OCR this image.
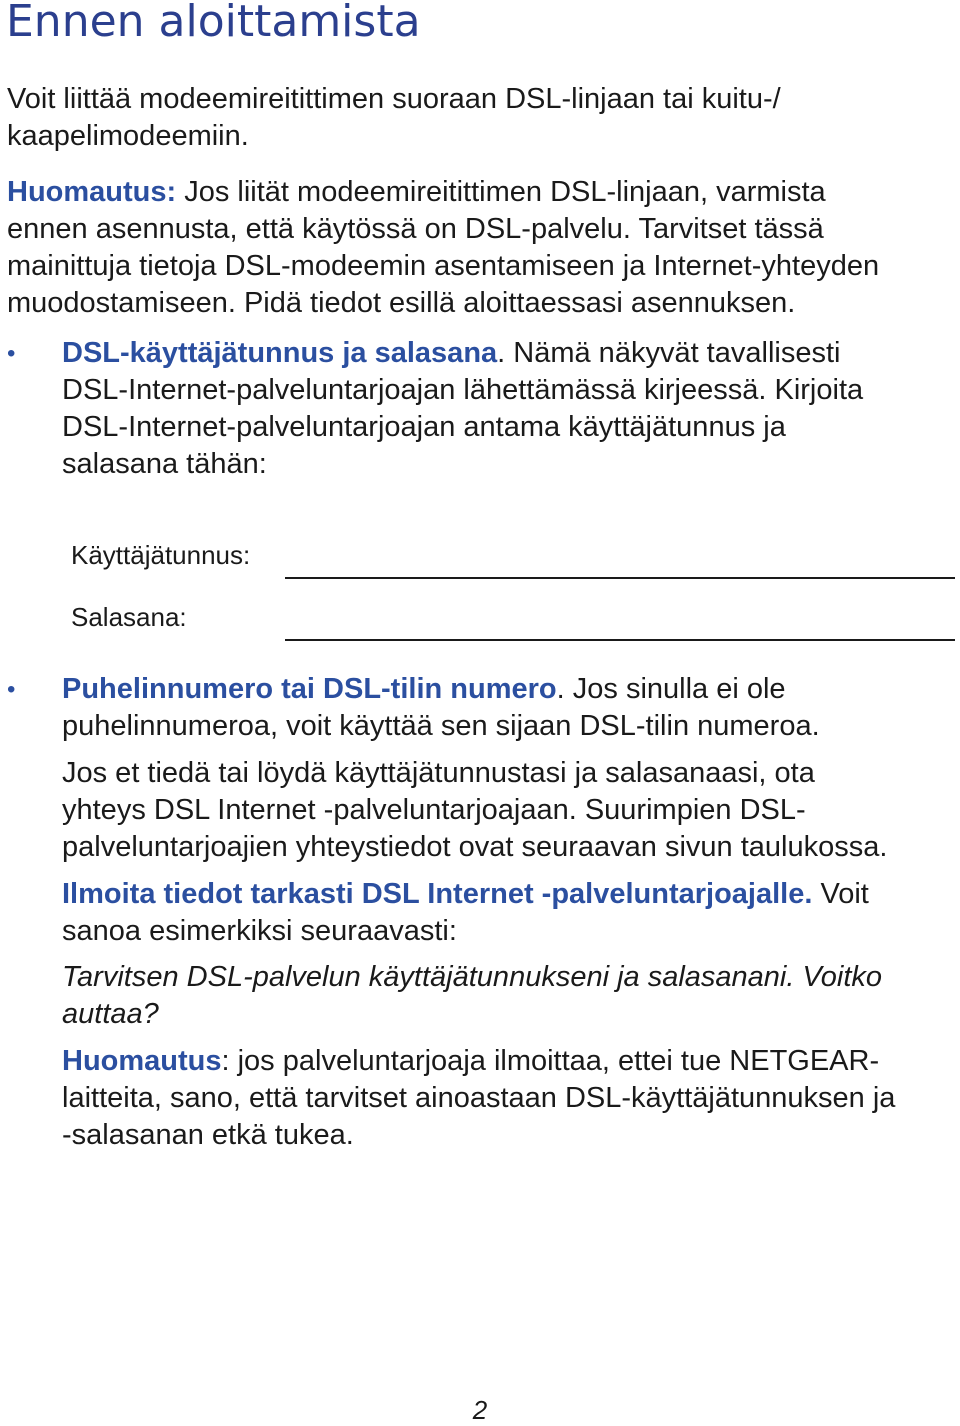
Ennen aloittamista

Voit liittää modeemireitittimen suoraan DSL-linjaan tai kuitu-/
kaapelimodeemiin.

Huomautus: Jos liität modeemireitittimen DSL-linjaan, varmista
ennen asennusta, että käytössä on DSL-palvelu. Tarvitset tässä
mainittuja tietoja DSL-modeemin asentamiseen ja Internet-yhteyden
muodostamiseen. Pidä tiedot esillä aloittaessasi asennuksen.

• DSL-käyttäjätunnus ja salasana. Nämä näkyvät tavallisesti
DSL-Internet-palveluntarjoajan lähettämässä kirjeessä. Kirjoita
DSL-Internet-palveluntarjoajan antama käyttäjätunnus ja
salasana tähän:

Käyttäjätunnus:

Salasana:

• Puhelinnumero tai DSL-tilin numero. Jos sinulla ei ole
puhelinnumeroa, voit käyttää sen sijaan DSL-tilin numeroa.

Jos et tiedä tai löydä käyttäjätunnustasi ja salasanaasi, ota
yhteys DSL Internet -palveluntarjoajaan. Suurimpien DSL-
palveluntarjoajien yhteystiedot ovat seuraavan sivun taulukossa.

Ilmoita tiedot tarkasti DSL Internet -palveluntarjoajalle. Voit
sanoa esimerkiksi seuraavasti:

Tarvitsen DSL-palvelun käyttäjätunnukseni ja salasanani. Voitko
auttaa?

Huomautus: jos palveluntarjoaja ilmoittaa, ettei tue NETGEAR-
laitteita, sano, että tarvitset ainoastaan DSL-käyttäjätunnuksen ja
-salasanan etkä tukea.

2
